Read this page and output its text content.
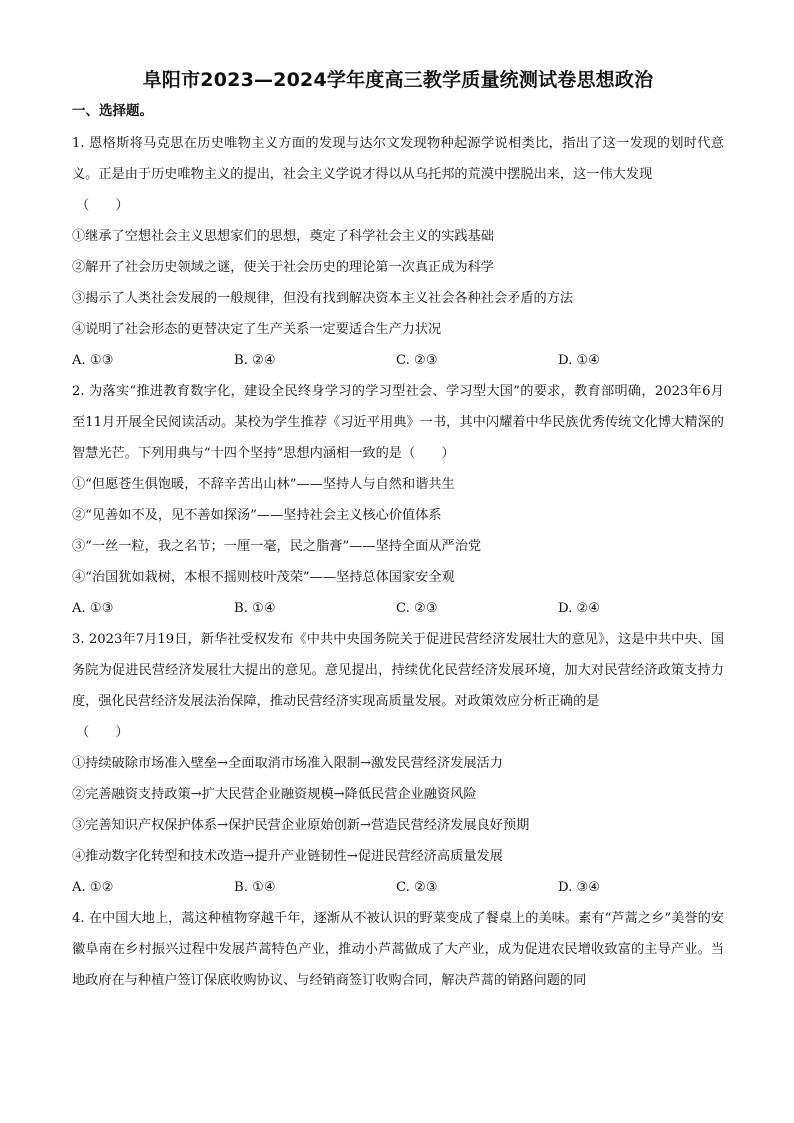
阜阳市2023—2024学年度高三教学质量统测试卷思想政治
一、选择题。

1. 恩格斯将马克思在历史唯物主义方面的发现与达尔文发现物种起源学说相类比，指出了这一发现的划时代意义。正是由于历史唯物主义的提出，社会主义学说才得以从乌托邦的荒漠中摆脱出来，这一伟大发现

（　　）

①继承了空想社会主义思想家们的思想，奠定了科学社会主义的实践基础

②解开了社会历史领域之谜，使关于社会历史的理论第一次真正成为科学

③揭示了人类社会发展的一般规律，但没有找到解决资本主义社会各种社会矛盾的方法

④说明了社会形态的更替决定了生产关系一定要适合生产力状况

A. ①③	B. ②④	C. ②③	D. ①④

2. 为落实“推进教育数字化，建设全民终身学习的学习型社会、学习型大国”的要求，教育部明确，2023年6月至11月开展全民阅读活动。某校为学生推荐《习近平用典》一书，其中闪耀着中华民族优秀传统文化博大精深的智慧光芒。下列用典与“十四个坚持”思想内涵相一致的是（　　）

①“但愿苍生俱饱暖，不辞辛苦出山林”——坚持人与自然和谐共生

②“见善如不及，见不善如探汤”——坚持社会主义核心价值体系

③“一丝一粒，我之名节；一厘一毫，民之脂膏”——坚持全面从严治党

④“治国犹如栽树，本根不摇则枝叶茂荣”——坚持总体国家安全观

A. ①③	B. ①④	C. ②③	D. ②④

3. 2023年7月19日，新华社受权发布《中共中央国务院关于促进民营经济发展壮大的意见》，这是中共中央、国务院为促进民营经济发展壮大提出的意见。意见提出，持续优化民营经济发展环境，加大对民营经济政策支持力度，强化民营经济发展法治保障，推动民营经济实现高质量发展。对政策效应分析正确的是

（　　）

①持续破除市场准入壁垒→全面取消市场准入限制→激发民营经济发展活力

②完善融资支持政策→扩大民营企业融资规模→降低民营企业融资风险

③完善知识产权保护体系→保护民营企业原始创新→营造民营经济发展良好预期

④推动数字化转型和技术改造→提升产业链韧性→促进民营经济高质量发展

A. ①②	B. ①④	C. ②③	D. ③④

4. 在中国大地上，蒿这种植物穿越千年，逐渐从不被认识的野菜变成了餐桌上的美味。素有“芦蒿之乡”美誉的安徽阜南在乡村振兴过程中发展芦蒿特色产业，推动小芦蒿做成了大产业，成为促进农民增收致富的主导产业。当地政府在与种植户签订保底收购协议、与经销商签订收购合同，解决芦蒿的销路问题的同
